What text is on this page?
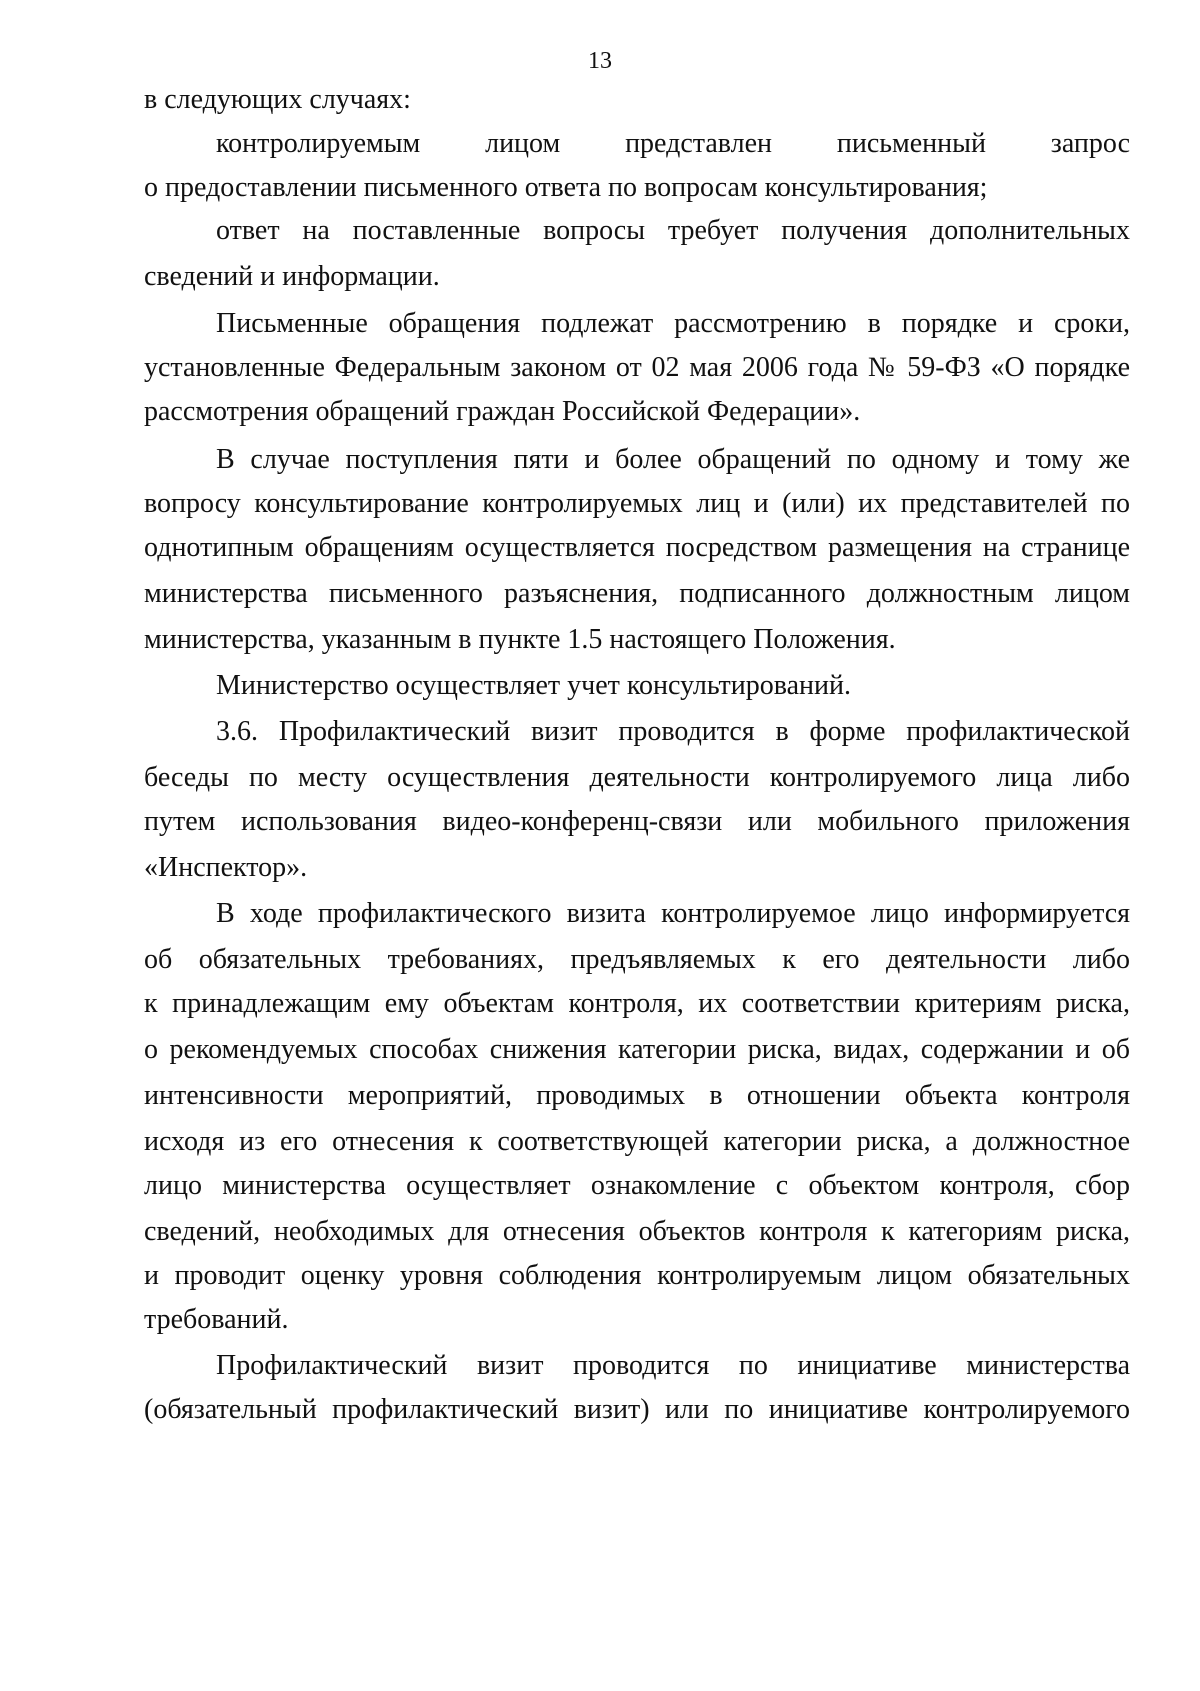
13
в следующих случаях:
контролируемым лицом представлен письменный запрос
о предоставлении письменного ответа по вопросам консультирования;
ответ на поставленные вопросы требует получения дополнительных
сведений и информации.
Письменные обращения подлежат рассмотрению в порядке и сроки,
установленные Федеральным законом от 02 мая 2006 года № 59-ФЗ «О порядке
рассмотрения обращений граждан Российской Федерации».
В случае поступления пяти и более обращений по одному и тому же
вопросу консультирование контролируемых лиц и (или) их представителей по
однотипным обращениям осуществляется посредством размещения на странице
министерства письменного разъяснения, подписанного должностным лицом
министерства, указанным в пункте 1.5 настоящего Положения.
Министерство осуществляет учет консультирований.
3.6. Профилактический визит проводится в форме профилактической
беседы по месту осуществления деятельности контролируемого лица либо
путем использования видео-конференц-связи или мобильного приложения
«Инспектор».
В ходе профилактического визита контролируемое лицо информируется
об обязательных требованиях, предъявляемых к его деятельности либо
к принадлежащим ему объектам контроля, их соответствии критериям риска,
о рекомендуемых способах снижения категории риска, видах, содержании и об
интенсивности мероприятий, проводимых в отношении объекта контроля
исходя из его отнесения к соответствующей категории риска, а должностное
лицо министерства осуществляет ознакомление с объектом контроля, сбор
сведений, необходимых для отнесения объектов контроля к категориям риска,
и проводит оценку уровня соблюдения контролируемым лицом обязательных
требований.
Профилактический визит проводится по инициативе министерства
(обязательный профилактический визит) или по инициативе контролируемого
